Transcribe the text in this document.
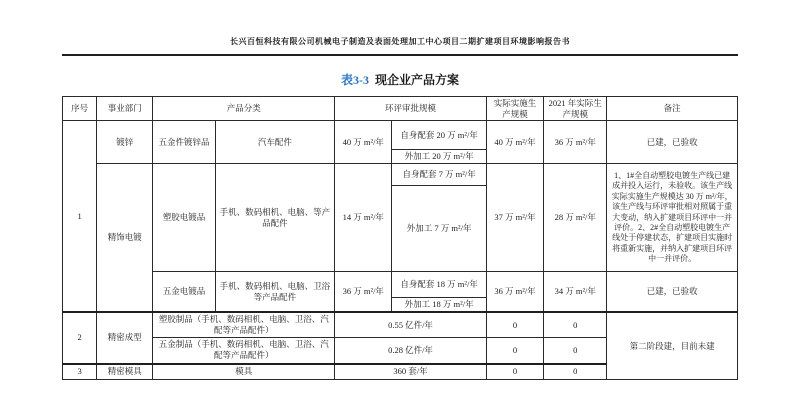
长兴百恒科技有限公司机械电子制造及表面处理加工中心项目二期扩建项目环境影响报告书
表3-3 现企业产品方案
序号	事业部门	产品分类		环评审批规模		实际实施生产规模	2021 年实际生产规模	备注
1	镀锌	五金件镀锌品	汽车配件	40 万 m²/年	自身配套 20 万 m²/年	40 万 m²/年	36 万 m²/年	已建，已验收
					外加工 20 万 m²/年			
	精饰电镀	塑胶电镀品	手机、数码相机、电脑、等产品配件	14 万 m²/年	自身配套 7 万 m²/年	37 万 m²/年	28 万 m²/年	1、1#全自动塑胶电镀生产线已建成并投入运行，未验收。该生产线实际实施生产规模达 30 万 m²/年，该生产线与环评审批相对照属于重大变动，纳入扩建项目环评中一并评价。2、2#全自动塑胶电镀生产线处于停建状态，扩建项目实施时将重新实施，并纳入扩建项目环评中一并评价。
					外加工 7 万 m²/年			
		五金电镀品	手机、数码相机、电脑、卫浴等产品配件	36 万 m²/年	自身配套 18 万 m²/年	36 万 m²/年	34 万 m²/年	已建，已验收
					外加工 18 万 m²/年			
2	精密成型	塑胶制品（手机、数码相机、电脑、卫浴、汽配等产品配件）		0.55 亿件/年		0	0	第二阶段建，目前未建
		五金制品（手机、数码相机、电脑、卫浴、汽配等产品配件）		0.28 亿件/年		0	0	
3	精密模具	模具		360 套/年		0	0	
